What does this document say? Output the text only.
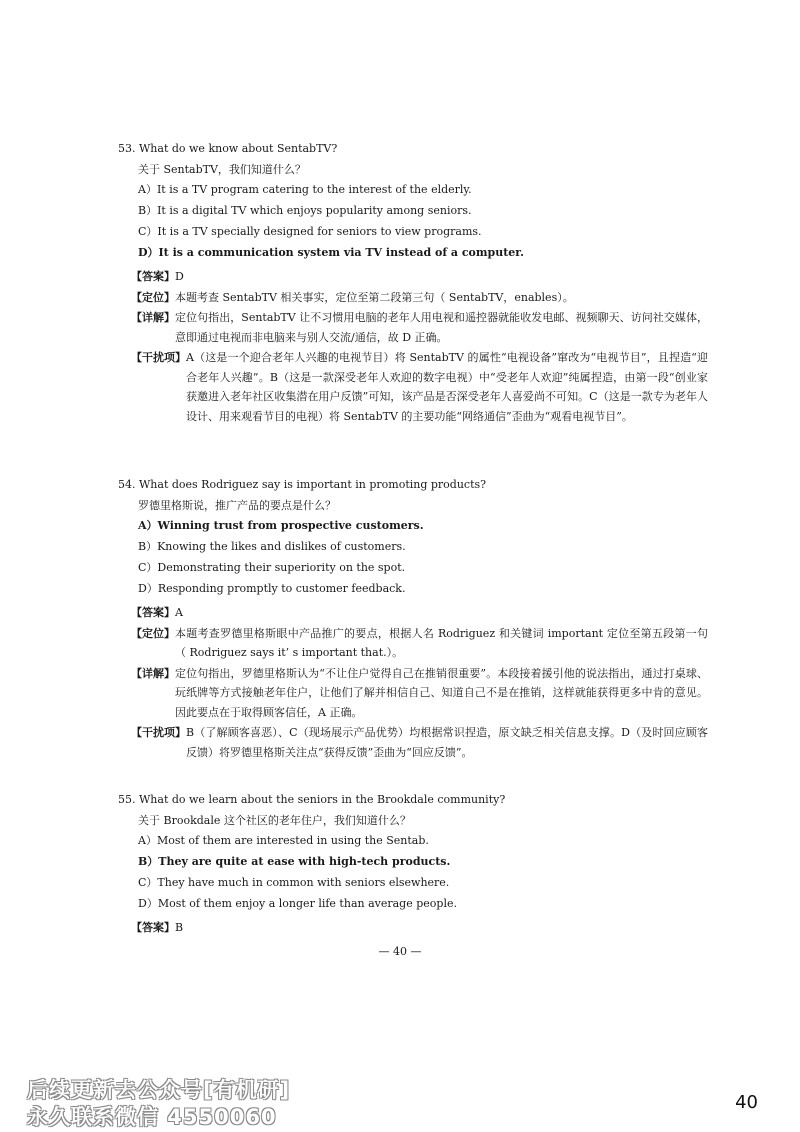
53. What do we know about SentabTV?
关于 SentabTV，我们知道什么？
A）It is a TV program catering to the interest of the elderly.
B）It is a digital TV which enjoys popularity among seniors.
C）It is a TV specially designed for seniors to view programs.
D）It is a communication system via TV instead of a computer.
【答案】 D
【定位】 本题考查 SentabTV 相关事实，定位至第二段第三句（ SentabTV，enables）。
【详解】 定位句指出，SentabTV 让不习惯用电脑的老年人用电视和遥控器就能收发电邮、视频聊天、访问社交媒体，意即通过电视而非电脑来与别人交流/通信，故 D 正确。
【干扰项】 A（这是一个迎合老年人兴趣的电视节目）将 SentabTV 的属性“电视设备”窜改为“电视节目”，且捏造“迎合老年人兴趣”。B（这是一款深受老年人欢迎的数字电视）中“受老年人欢迎”纯属捏造，由第一段“创业家获邀进入老年社区收集潜在用户反馈”可知，该产品是否深受老年人喜爱尚不可知。C（这是一款专为老年人设计、用来观看节目的电视）将 SentabTV 的主要功能“网络通信”歪曲为“观看电视节目”。
54. What does Rodriguez say is important in promoting products?
罗德里格斯说，推广产品的要点是什么？
A）Winning trust from prospective customers.
B）Knowing the likes and dislikes of customers.
C）Demonstrating their superiority on the spot.
D）Responding promptly to customer feedback.
【答案】 A
【定位】 本题考查罗德里格斯眼中产品推广的要点，根据人名 Rodriguez 和关键词 important 定位至第五段第一句（ Rodriguez says it’ s important that.）。
【详解】 定位句指出，罗德里格斯认为“不让住户觉得自己在推销很重要”。本段接着援引他的说法指出，通过打桌球、玩纸牌等方式接触老年住户，让他们了解并相信自己、知道自己不是在推销，这样就能获得更多中肯的意见。因此要点在于取得顾客信任，A 正确。
【干扰项】 B（了解顾客喜恶）、C（现场展示产品优势）均根据常识捏造，原文缺乏相关信息支撑。D（及时回应顾客反馈）将罗德里格斯关注点“获得反馈”歪曲为“回应反馈”。
55. What do we learn about the seniors in the Brookdale community?
关于 Brookdale 这个社区的老年住户，我们知道什么？
A）Most of them are interested in using the Sentab.
B）They are quite at ease with high-tech products.
C）They have much in common with seniors elsewhere.
D）Most of them enjoy a longer life than average people.
【答案】 B
— 40 —
40
后续更新去公众号[有机研]
永久联系微信 4550060
